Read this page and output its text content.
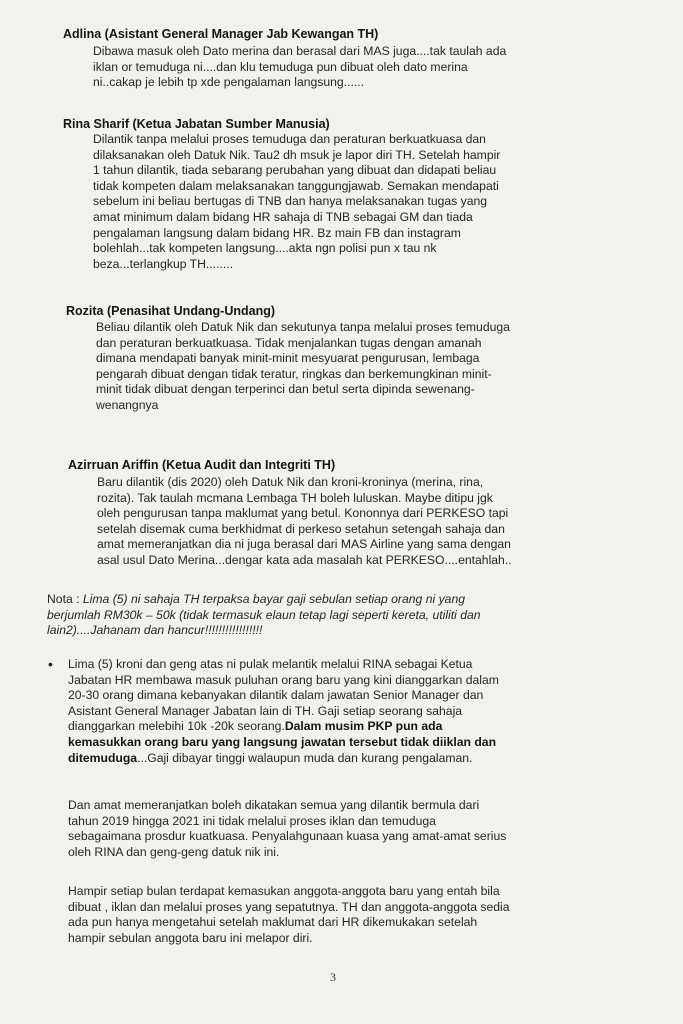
Adlina (Asistant General Manager Jab Kewangan TH)
Dibawa masuk oleh Dato merina dan berasal dari MAS juga....tak taulah ada
iklan or temuduga ni....dan klu temuduga pun dibuat oleh dato merina
ni..cakap je lebih tp xde pengalaman langsung......
Rina Sharif (Ketua Jabatan Sumber Manusia)
Dilantik tanpa melalui proses temuduga dan peraturan berkuatkuasa dan
dilaksanakan oleh Datuk Nik. Tau2 dh msuk je lapor diri TH. Setelah hampir
1 tahun dilantik, tiada sebarang perubahan yang dibuat dan didapati beliau
tidak kompeten dalam melaksanakan tanggungjawab. Semakan mendapati
sebelum ini beliau bertugas di TNB dan hanya melaksanakan tugas yang
amat minimum dalam bidang HR sahaja di TNB sebagai GM dan tiada
pengalaman langsung dalam bidang HR. Bz main FB dan instagram
bolehlah...tak kompeten langsung....akta ngn polisi pun x tau nk
beza...terlangkup TH........
Rozita (Penasihat Undang-Undang)
Beliau dilantik oleh Datuk Nik dan sekutunya tanpa melalui proses temuduga
dan peraturan berkuatkuasa. Tidak menjalankan tugas dengan amanah
dimana mendapati banyak minit-minit mesyuarat pengurusan, lembaga
pengarah dibuat dengan tidak teratur, ringkas dan berkemungkinan minit-
minit tidak dibuat dengan terperinci dan betul serta dipinda sewenang-
wenangnya
Azirruan Ariffin (Ketua Audit dan Integriti TH)
Baru dilantik (dis 2020) oleh Datuk Nik dan kroni-kroninya (merina, rina,
rozita). Tak taulah mcmana Lembaga TH boleh luluskan. Maybe ditipu jgk
oleh pengurusan tanpa maklumat yang betul. Kononnya dari PERKESO tapi
setelah disemak cuma berkhidmat di perkeso setahun setengah sahaja dan
amat memeranjatkan dia ni juga berasal dari MAS Airline yang sama dengan
asal usul Dato Merina...dengar kata ada masalah kat PERKESO....entahlah..
Nota : Lima (5) ni sahaja TH terpaksa bayar gaji sebulan setiap orang ni yang
berjumlah RM30k – 50k (tidak termasuk elaun tetap lagi seperti kereta, utiliti dan
lain2)....Jahanam dan hancur!!!!!!!!!!!!!!!!!
• Lima (5) kroni dan geng atas ni pulak melantik melalui RINA sebagai Ketua
Jabatan HR membawa masuk puluhan orang baru yang kini dianggarkan dalam
20-30 orang dimana kebanyakan dilantik dalam jawatan Senior Manager dan
Asistant General Manager Jabatan lain di TH. Gaji setiap seorang sahaja
dianggarkan melebihi 10k -20k seorang.Dalam musim PKP pun ada
kemasukkan orang baru yang langsung jawatan tersebut tidak diiklan dan
ditemuduga...Gaji dibayar tinggi walaupun muda dan kurang pengalaman.
Dan amat memeranjatkan boleh dikatakan semua yang dilantik bermula dari
tahun 2019 hingga 2021 ini tidak melalui proses iklan dan temuduga
sebagaimana prosdur kuatkuasa. Penyalahgunaan kuasa yang amat-amat serius
oleh RINA dan geng-geng datuk nik ini.
Hampir setiap bulan terdapat kemasukan anggota-anggota baru yang entah bila
dibuat , iklan dan melalui proses yang sepatutnya. TH dan anggota-anggota sedia
ada pun hanya mengetahui setelah maklumat dari HR dikemukakan setelah
hampir sebulan anggota baru ini melapor diri.
3
